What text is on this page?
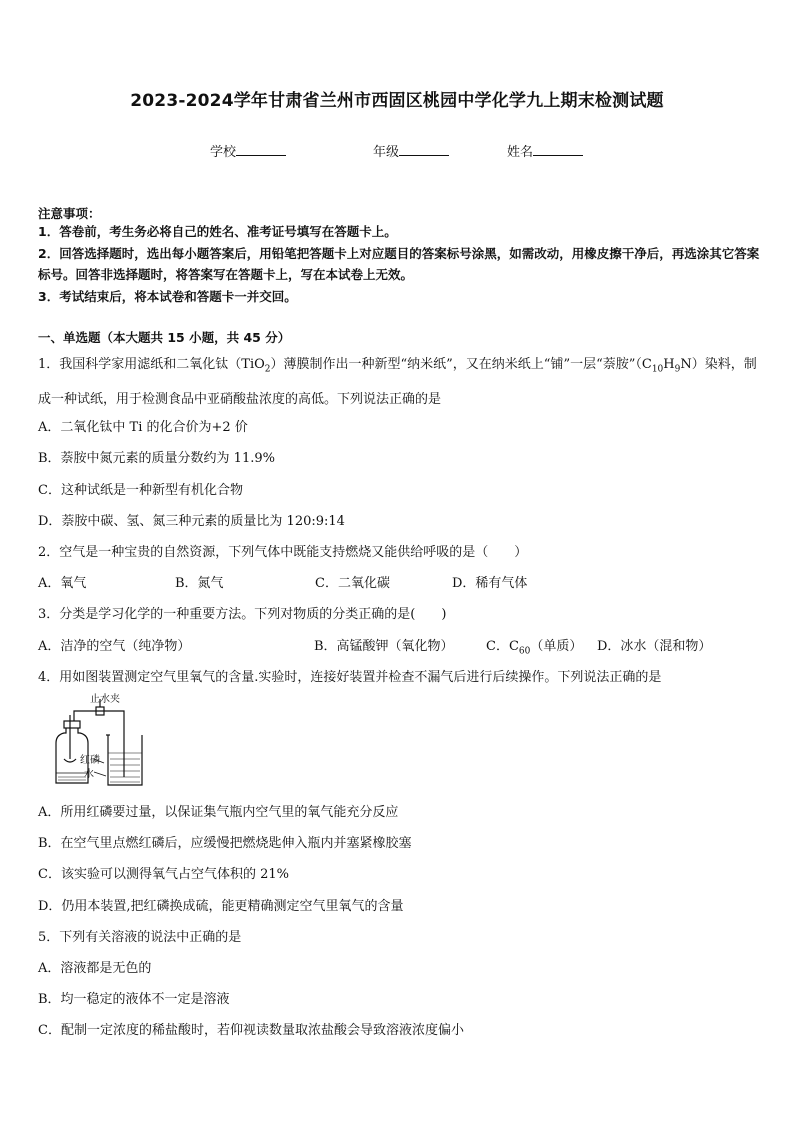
2023-2024学年甘肃省兰州市西固区桃园中学化学九上期末检测试题
学校	年级	姓名
注意事项：
1．答卷前，考生务必将自己的姓名、准考证号填写在答题卡上。
2．回答选择题时，选出每小题答案后，用铅笔把答题卡上对应题目的答案标号涂黑，如需改动，用橡皮擦干净后，再选涂其它答案标号。回答非选择题时，将答案写在答题卡上，写在本试卷上无效。
3．考试结束后，将本试卷和答题卡一并交回。
一、单选题（本大题共 15 小题，共 45 分）
1．我国科学家用滤纸和二氧化钛（TiO$_2$）薄膜制作出一种新型“纳米纸”，又在纳米纸上“铺”一层“萘胺$”(C_{10}H_9N)$染料，制成一种试纸，用于检测食品中亚硝酸盐浓度的高低。下列说法正确的是
A．二氧化钛中 Ti 的化合价为+2 价
B．萘胺中氮元素的质量分数约为 11.9%
C．这种试纸是一种新型有机化合物
D．萘胺中碳、氢、氮三种元素的质量比为 120:9:14
2．空气是一种宝贵的自然资源，下列气体中既能支持燃烧又能供给呼吸的是（　　）
A．氧气	B．氮气	C．二氧化碳	D．稀有气体
3．分类是学习化学的一种重要方法。下列对物质的分类正确的是(　　)
A．洁净的空气（纯净物）	B．高锰酸钾（氧化物） C．$C_{60}$（单质） D．冰水（混和物）
4．用如图装置测定空气里氧气的含量.实验时，连接好装置并检查不漏气后进行后续操作。下列说法正确的是
止水夹
红磷
水
A．所用红磷要过量，以保证集气瓶内空气里的氧气能充分反应
B．在空气里点燃红磷后，应缓慢把燃烧匙伸入瓶内并塞紧橡胶塞
C．该实验可以测得氧气占空气体积的 21%
D．仍用本装置,把红磷换成硫，能更精确测定空气里氧气的含量
5．下列有关溶液的说法中正确的是
A．溶液都是无色的
B．均一稳定的液体不一定是溶液
C．配制一定浓度的稀盐酸时，若仰视读数量取浓盐酸会导致溶液浓度偏小
